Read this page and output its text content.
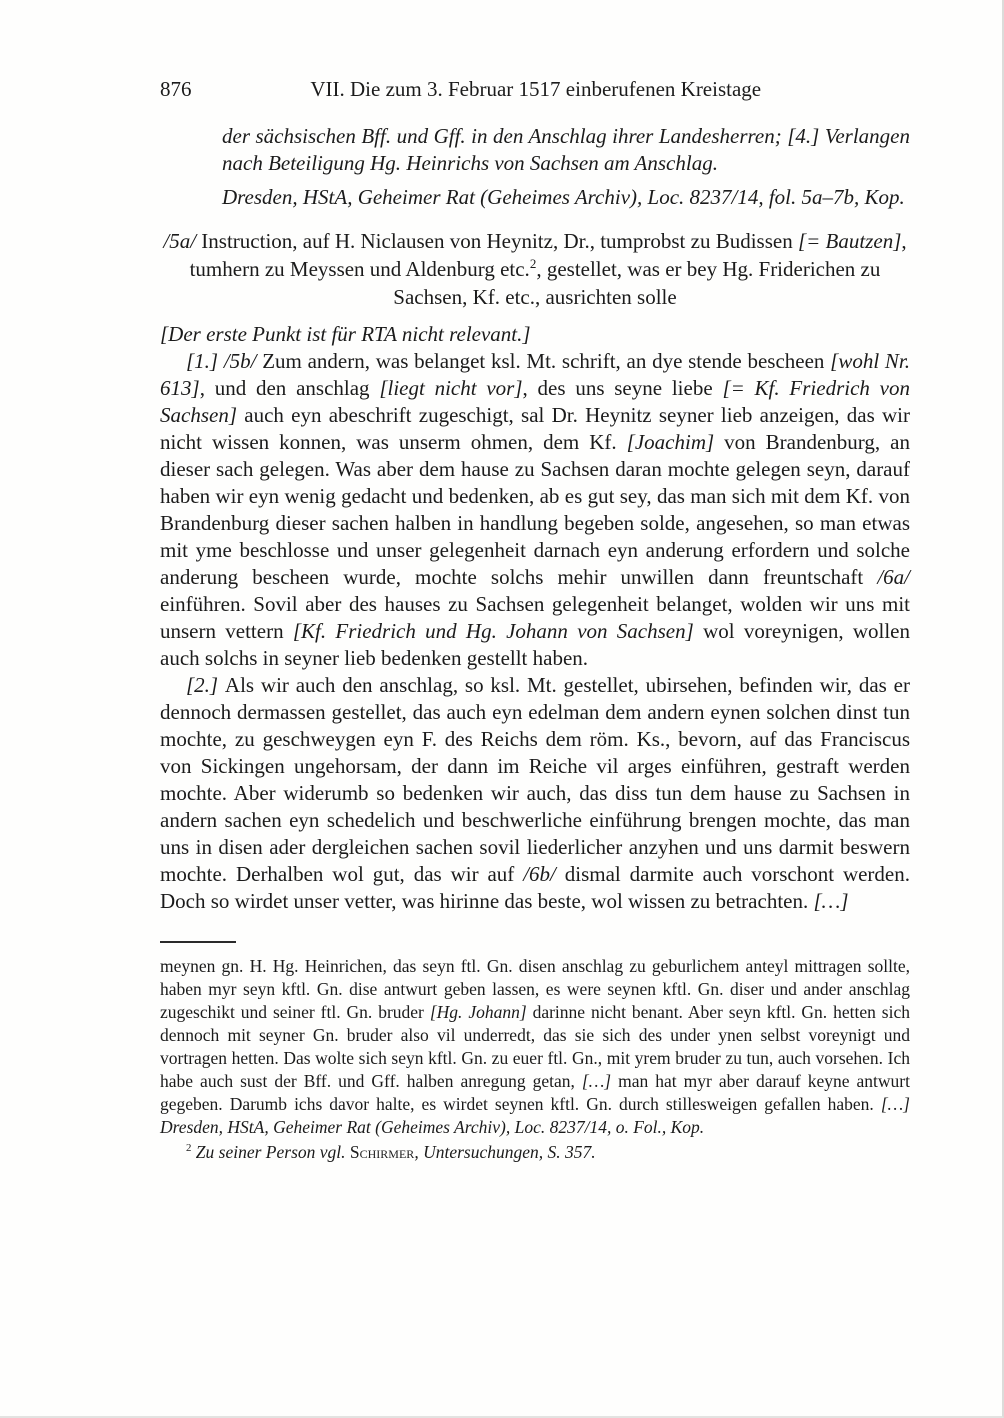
876	VII. Die zum 3. Februar 1517 einberufenen Kreistage
der sächsischen Bff. und Gff. in den Anschlag ihrer Landesherren; [4.] Verlangen nach Beteiligung Hg. Heinrichs von Sachsen am Anschlag.
Dresden, HStA, Geheimer Rat (Geheimes Archiv), Loc. 8237/14, fol. 5a–7b, Kop.
/5a/ Instruction, auf H. Niclausen von Heynitz, Dr., tumprobst zu Budissen [= Bautzen], tumhern zu Meyssen und Aldenburg etc.$^2$, gestellet, was er bey Hg. Friderichen zu Sachsen, Kf. etc., ausrichten solle
[Der erste Punkt ist für RTA nicht relevant.]

[1.] /5b/ Zum andern, was belanget ksl. Mt. schrift, an dye stende bescheen [wohl Nr. 613], und den anschlag [liegt nicht vor], des uns seyne liebe [= Kf. Friedrich von Sachsen] auch eyn abeschrift zugeschigt, sal Dr. Heynitz seyner lieb anzeigen, das wir nicht wissen konnen, was unserm ohmen, dem Kf. [Joachim] von Brandenburg, an dieser sach gelegen. Was aber dem hause zu Sachsen daran mochte gelegen seyn, darauf haben wir eyn wenig gedacht und bedenken, ab es gut sey, das man sich mit dem Kf. von Brandenburg dieser sachen halben in handlung begeben solde, angesehen, so man etwas mit yme beschlosse und unser gelegenheit darnach eyn anderung erfordern und solche anderung bescheen wurde, mochte solchs mehir unwillen dann freuntschaft /6a/ einführen. Sovil aber des hauses zu Sachsen gelegenheit belanget, wolden wir uns mit unsern vettern [Kf. Friedrich und Hg. Johann von Sachsen] wol voreynigen, wollen auch solchs in seyner lieb bedenken gestellt haben.

[2.] Als wir auch den anschlag, so ksl. Mt. gestellet, ubirsehen, befinden wir, das er dennoch dermassen gestellet, das auch eyn edelman dem andern eynen solchen dinst tun mochte, zu geschweygen eyn F. des Reichs dem röm. Ks., bevorn, auf das Franciscus von Sickingen ungehorsam, der dann im Reiche vil arges einführen, gestraft werden mochte. Aber widerumb so bedenken wir auch, das diss tun dem hause zu Sachsen in andern sachen eyn schedelich und beschwerliche einführung brengen mochte, das man uns in disen ader dergleichen sachen sovil liederlicher anzyhen und uns darmit beswern mochte. Derhalben wol gut, das wir auf /6b/ dismal darmite auch vorschont werden. Doch so wirdet unser vetter, was hirinne das beste, wol wissen zu betrachten. […]

meynen gn. H. Hg. Heinrichen, das seyn ftl. Gn. disen anschlag zu geburlichem anteyl mittragen sollte, haben myr seyn kftl. Gn. dise antwurt geben lassen, es were seynen kftl. Gn. diser und ander anschlag zugeschikt und seiner ftl. Gn. bruder [Hg. Johann] darinne nicht benant. Aber seyn kftl. Gn. hetten sich dennoch mit seyner Gn. bruder also vil underredt, das sie sich des under ynen selbst voreynigt und vortragen hetten. Das wolte sich seyn kftl. Gn. zu euer ftl. Gn., mit yrem bruder zu tun, auch vorsehen. Ich habe auch sust der Bff. und Gff. halben anregung getan, […] man hat myr aber darauf keyne antwurt gegeben. Darumb ichs davor halte, es wirdet seynen kftl. Gn. durch stillesweigen gefallen haben. […] Dresden, HStA, Geheimer Rat (Geheimes Archiv), Loc. 8237/14, o. Fol., Kop.

$^2$ Zu seiner Person vgl. Schirmer, Untersuchungen, S. 357.
